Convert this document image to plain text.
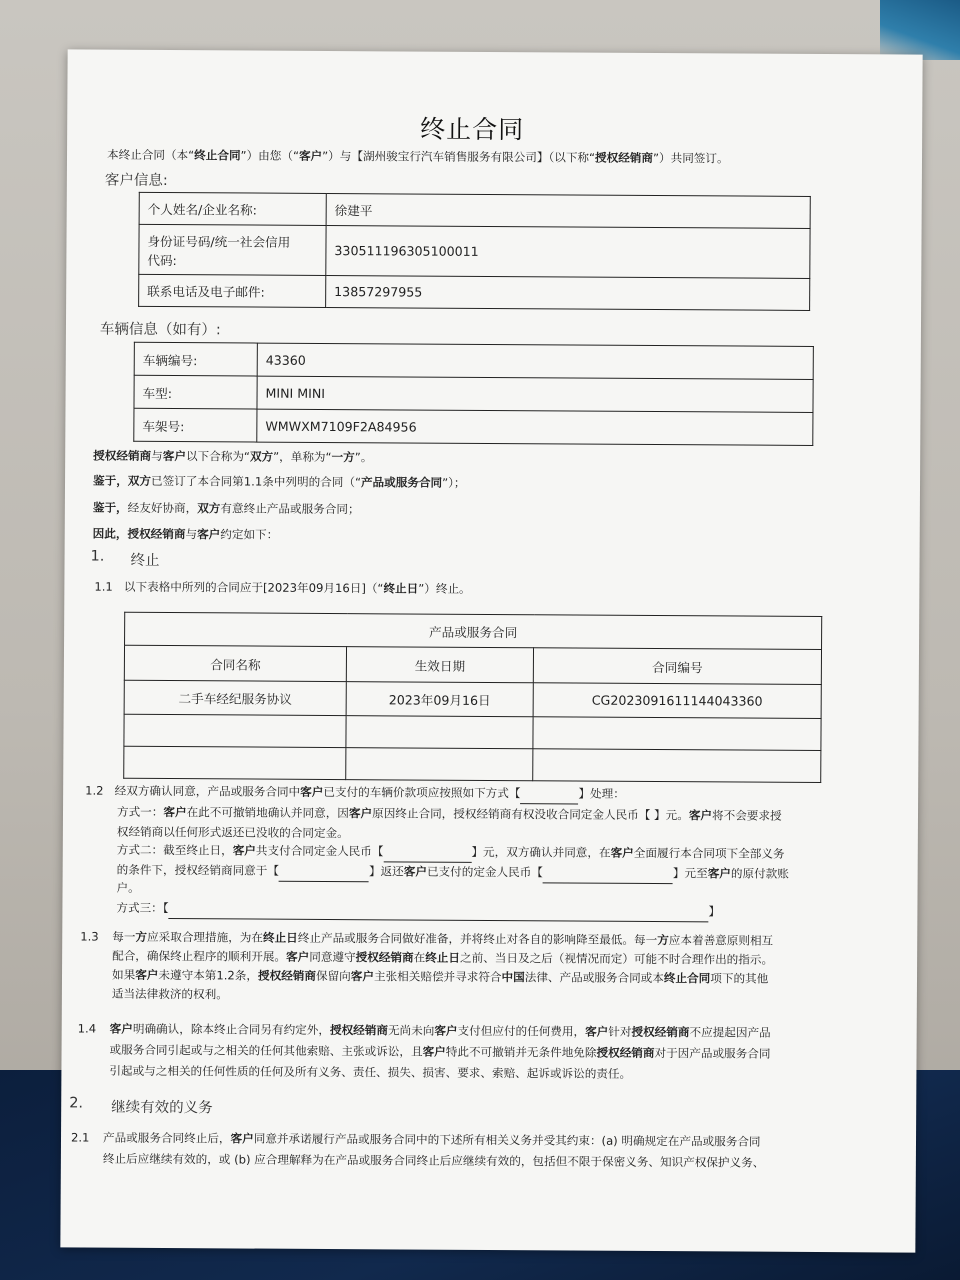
终止合同
本终止合同（本“终止合同”）由您（“客户”）与【湖州骏宝行汽车销售服务有限公司】（以下称“授权经销商”）共同签订。
客户信息:
个人姓名/企业名称:	徐建平

身份证号码/统一社会信用
代码:	330511196305100011
联系电话及电子邮件:	13857297955
车辆信息（如有）:
车辆编号:	43360
车型:	MINI MINI
车架号:	WMWXM7109F2A84956
授权经销商与客户以下合称为“双方”，单称为“一方”。
鉴于，双方已签订了本合同第1.1条中列明的合同（“产品或服务合同”）；
鉴于，经友好协商，双方有意终止产品或服务合同；
因此，授权经销商与客户约定如下：
1. 终止
1.1 以下表格中所列的合同应于[2023年09月16日]（“终止日”）终止。
产品或服务合同		
合同名称	生效日期	合同编号
二手车经纪服务协议	2023年09月16日	CG2023091611144043360

1.2 经双方确认同意，产品或服务合同中客户已支付的车辆价款项应按照如下方式【	】处理：
方式一：客户在此不可撤销地确认并同意，因客户原因终止合同，授权经销商有权没收合同定金人民币【 】元。客户将不会要求授
权经销商以任何形式返还已没收的合同定金。
方式二：截至终止日，客户共支付合同定金人民币【	】元，双方确认并同意，在客户全面履行本合同项下全部义务
的条件下，授权经销商同意于【	】返还客户已支付的定金人民币【	】元至客户的原付款账
户。
方式三：【	】
1.3 每一方应采取合理措施，为在终止日终止产品或服务合同做好准备，并将终止对各自的影响降至最低。每一方应本着善意原则相互
配合，确保终止程序的顺利开展。客户同意遵守授权经销商在终止日之前、当日及之后（视情况而定）可能不时合理作出的指示。
如果客户未遵守本第1.2条，授权经销商保留向客户主张相关赔偿并寻求符合中国法律、产品或服务合同或本终止合同项下的其他
适当法律救济的权利。
1.4 客户明确确认，除本终止合同另有约定外，授权经销商无尚未向客户支付但应付的任何费用，客户针对授权经销商不应提起因产品
或服务合同引起或与之相关的任何其他索赔、主张或诉讼，且客户特此不可撤销并无条件地免除授权经销商对于因产品或服务合同
引起或与之相关的任何性质的任何及所有义务、责任、损失、损害、要求、索赔、起诉或诉讼的责任。
2. 继续有效的义务
2.1 产品或服务合同终止后，客户同意并承诺履行产品或服务合同中的下述所有相关义务并受其约束：(a) 明确规定在产品或服务合同
终止后应继续有效的，或 (b) 应合理解释为在产品或服务合同终止后应继续有效的，包括但不限于保密义务、知识产权保护义务、
